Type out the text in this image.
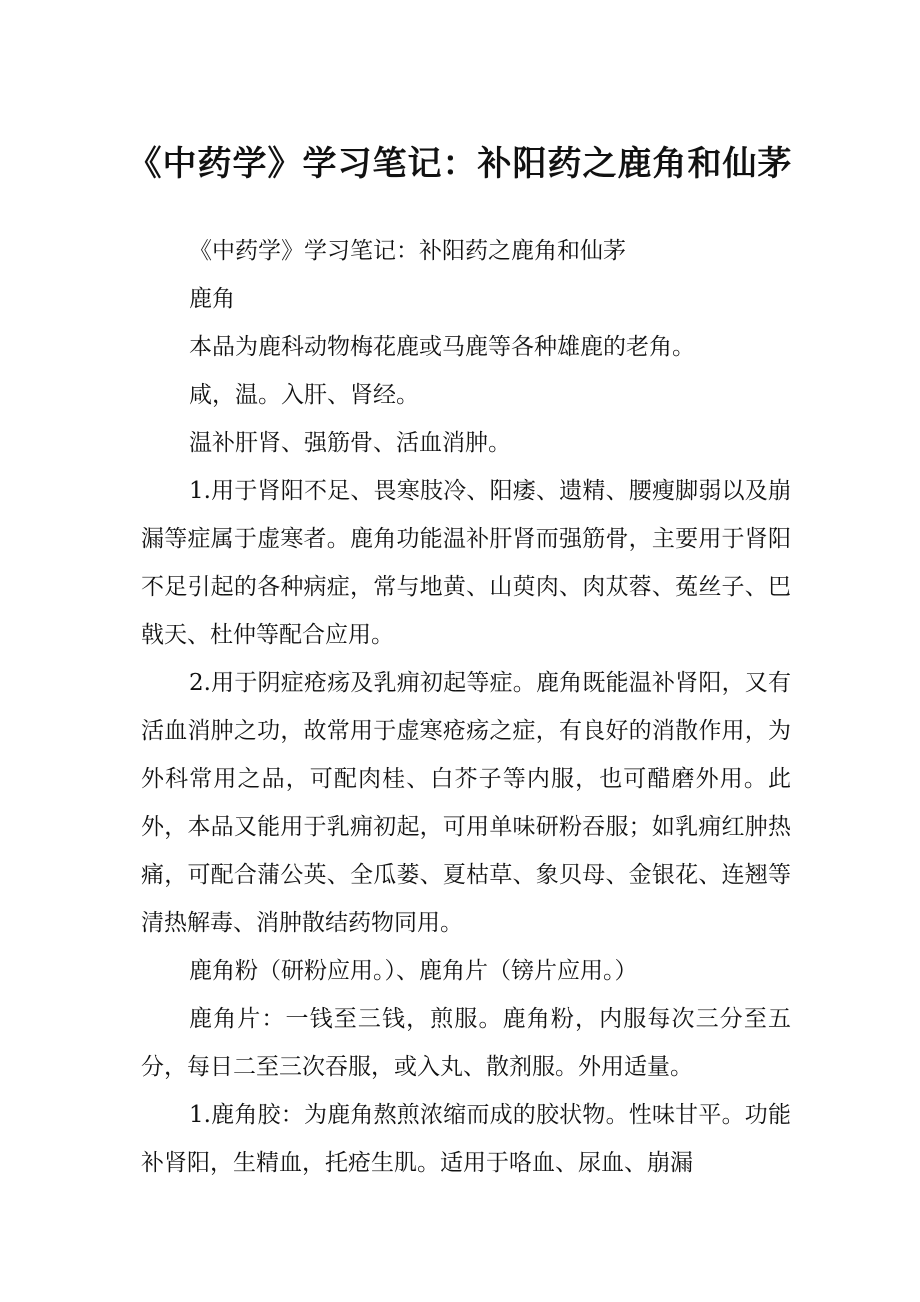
《中药学》学习笔记：补阳药之鹿角和仙茅

《中药学》学习笔记：补阳药之鹿角和仙茅

鹿角

本品为鹿科动物梅花鹿或马鹿等各种雄鹿的老角。

咸，温。入肝、肾经。

温补肝肾、强筋骨、活血消肿。

1.用于肾阳不足、畏寒肢冷、阳痿、遗精、腰瘦脚弱以及崩漏等症属于虚寒者。鹿角功能温补肝肾而强筋骨，主要用于肾阳不足引起的各种病症，常与地黄、山萸肉、肉苁蓉、菟丝子、巴戟天、杜仲等配合应用。

2.用于阴症疮疡及乳痈初起等症。鹿角既能温补肾阳，又有活血消肿之功，故常用于虚寒疮疡之症，有良好的消散作用，为外科常用之品，可配肉桂、白芥子等内服，也可醋磨外用。此外，本品又能用于乳痈初起，可用单味研粉吞服；如乳痈红肿热痛，可配合蒲公英、全瓜蒌、夏枯草、象贝母、金银花、连翘等清热解毒、消肿散结药物同用。

鹿角粉（研粉应用。）、鹿角片（镑片应用。）

鹿角片：一钱至三钱，煎服。鹿角粉，内服每次三分至五分，每日二至三次吞服，或入丸、散剂服。外用适量。

1.鹿角胶：为鹿角熬煎浓缩而成的胶状物。性味甘平。功能补肾阳，生精血，托疮生肌。适用于咯血、尿血、崩漏
